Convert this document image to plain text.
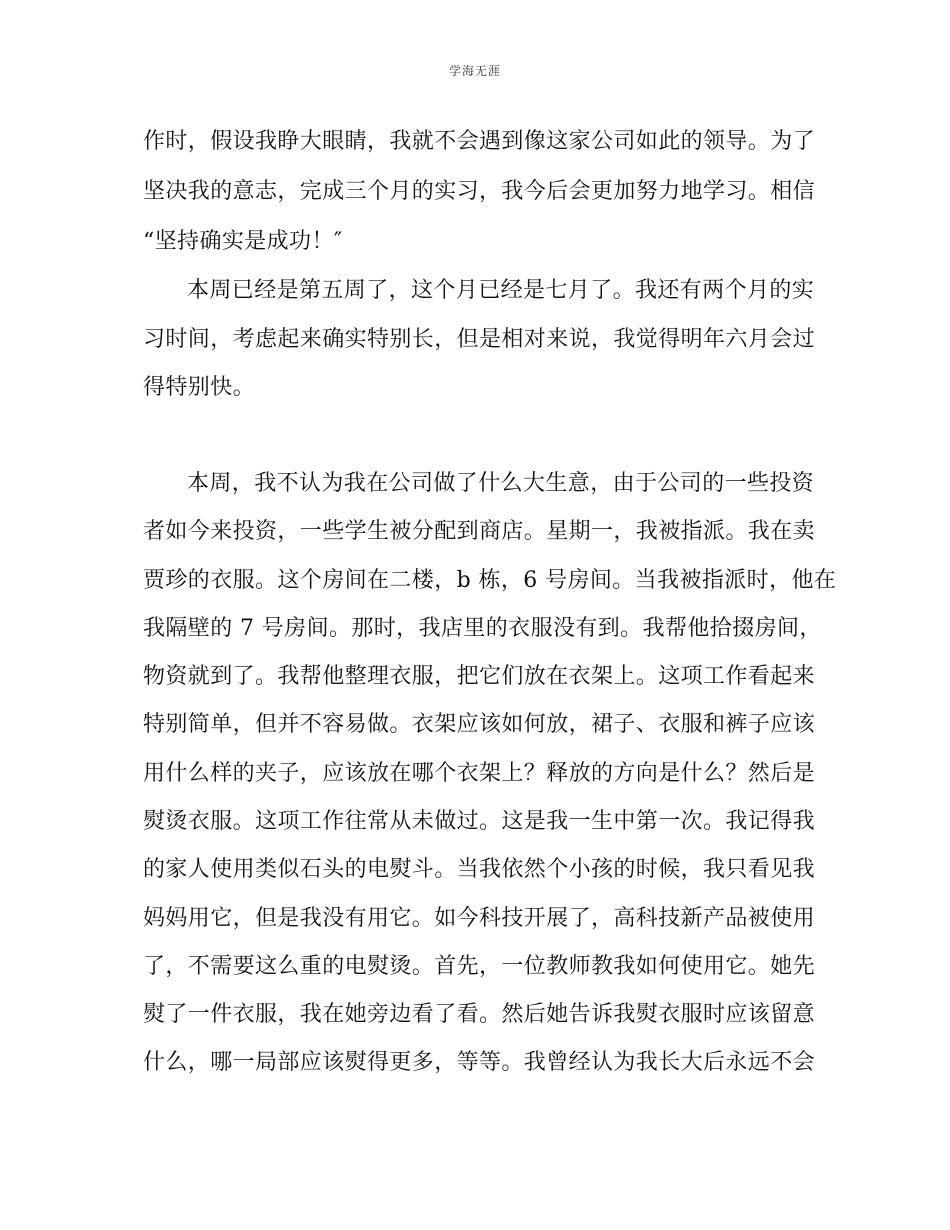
学海无涯
作时，假设我睁大眼睛，我就不会遇到像这家公司如此的领导。为了
坚决我的意志，完成三个月的实习，我今后会更加努力地学习。相信
“坚持确实是成功！″
本周已经是第五周了，这个月已经是七月了。我还有两个月的实
习时间，考虑起来确实特别长，但是相对来说，我觉得明年六月会过
得特别快。
本周，我不认为我在公司做了什么大生意，由于公司的一些投资
者如今来投资，一些学生被分配到商店。星期一，我被指派。我在卖
贾珍的衣服。这个房间在二楼，b 栋，6 号房间。当我被指派时，他在
我隔壁的 7 号房间。那时，我店里的衣服没有到。我帮他拾掇房间，
物资就到了。我帮他整理衣服，把它们放在衣架上。这项工作看起来
特别简单，但并不容易做。衣架应该如何放，裙子、衣服和裤子应该
用什么样的夹子，应该放在哪个衣架上？释放的方向是什么？然后是
熨烫衣服。这项工作往常从未做过。这是我一生中第一次。我记得我
的家人使用类似石头的电熨斗。当我依然个小孩的时候，我只看见我
妈妈用它，但是我没有用它。如今科技开展了，高科技新产品被使用
了，不需要这么重的电熨烫。首先，一位教师教我如何使用它。她先
熨了一件衣服，我在她旁边看了看。然后她告诉我熨衣服时应该留意
什么，哪一局部应该熨得更多，等等。我曾经认为我长大后永远不会
